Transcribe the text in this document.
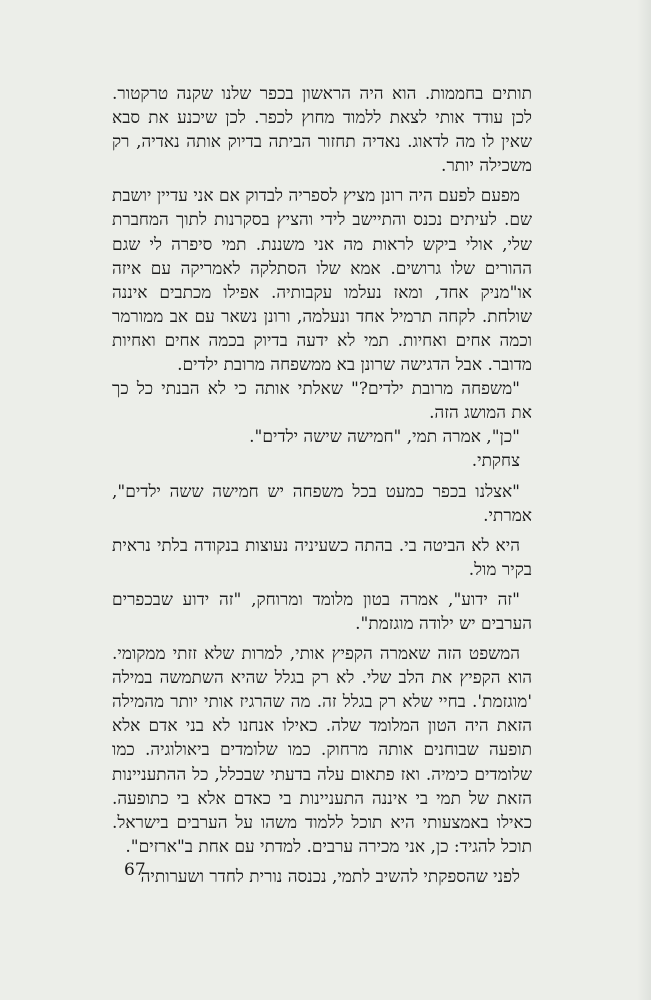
תותים בחממות. הוא היה הראשון בכפר שלנו שקנה טרקטור. לכן עודד אותי לצאת ללמוד מחוץ לכפר. לכן שיכנע את סבא שאין לו מה לדאוג. נאדיה תחזור הביתה בדיוק אותה נאדיה, רק משכילה יותר.

מפעם לפעם היה רונן מציץ לספריה לבדוק אם אני עדיין יושבת שם. לעיתים נכנס והתיישב לידי והציץ בסקרנות לתוך המחברת שלי, אולי ביקש לראות מה אני משננת. תמי סיפרה לי שגם ההורים שלו גרושים. אמא שלו הסתלקה לאמריקה עם איזה או"מניק אחד, ומאז נעלמו עקבותיה. אפילו מכתבים איננה שולחת. לקחה תרמיל אחד ונעלמה, ורונן נשאר עם אב ממורמר וכמה אחים ואחיות. תמי לא ידעה בדיוק בכמה אחים ואחיות מדובר. אבל הדגישה שרונן בא ממשפחה מרובת ילדים.

"משפחה מרובת ילדים?" שאלתי אותה כי לא הבנתי כל כך את המושג הזה.

"כן", אמרה תמי, "חמישה שישה ילדים".

צחקתי.

"אצלנו בכפר כמעט בכל משפחה יש חמישה ששה ילדים", אמרתי.

היא לא הביטה בי. בהתה כשעיניה נעוצות בנקודה בלתי נראית בקיר מול.

"זה ידוע", אמרה בטון מלומד ומרוחק, "זה ידוע שבכפרים הערבים יש ילודה מוגזמת".

המשפט הזה שאמרה הקפיץ אותי, למרות שלא זזתי ממקומי. הוא הקפיץ את הלב שלי. לא רק בגלל שהיא השתמשה במילה 'מוגזמת'. בחיי שלא רק בגלל זה. מה שהרגיז אותי יותר מהמילה הזאת היה הטון המלומד שלה. כאילו אנחנו לא בני אדם אלא תופעה שבוחנים אותה מרחוק. כמו שלומדים ביאולוגיה. כמו שלומדים כימיה. ואז פתאום עלה בדעתי שבכלל, כל ההתעניינות הזאת של תמי בי איננה התעניינות בי כאדם אלא בי כתופעה. כאילו באמצעותי היא תוכל ללמוד משהו על הערבים בישראל. תוכל להגיד: כן, אני מכירה ערבים. למדתי עם אחת ב"ארזים".

לפני שהספקתי להשיב לתמי, נכנסה נורית לחדר ושערותיה

67
